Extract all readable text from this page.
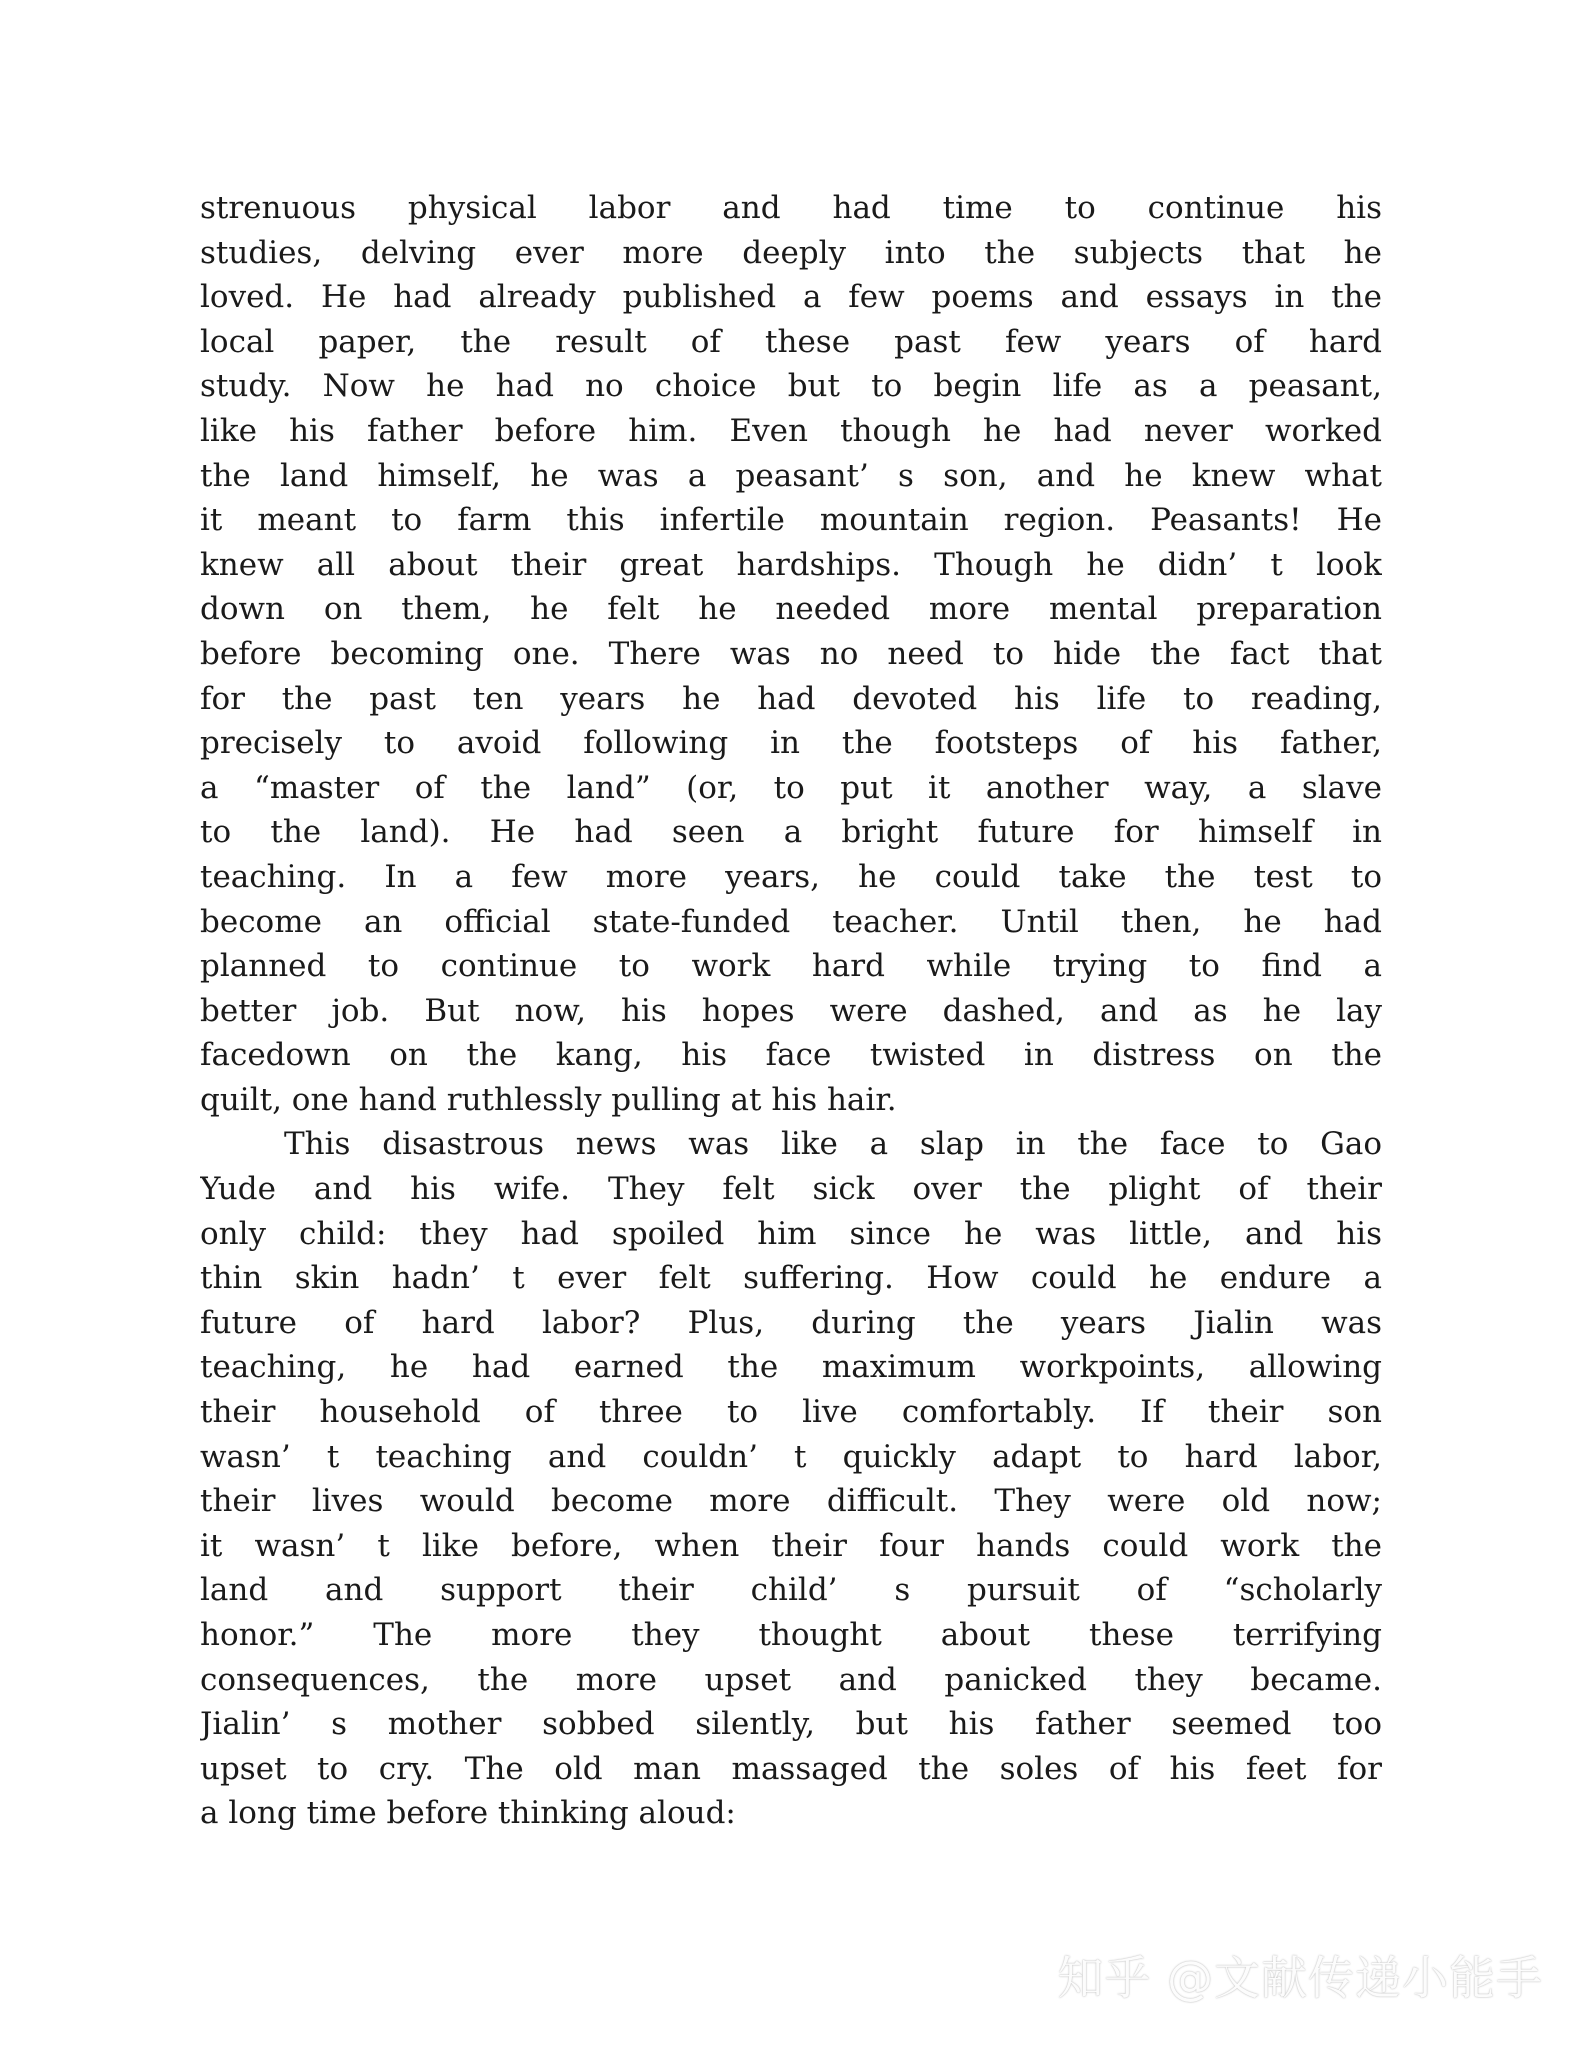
strenuous physical labor and had time to continue his
studies, delving ever more deeply into the subjects that he
loved. He had already published a few poems and essays in the
local paper, the result of these past few years of hard
study. Now he had no choice but to begin life as a peasant,
like his father before him. Even though he had never worked
the land himself, he was a peasant’ s son, and he knew what
it meant to farm this infertile mountain region. Peasants! He
knew all about their great hardships. Though he didn’ t look
down on them, he felt he needed more mental preparation
before becoming one. There was no need to hide the fact that
for the past ten years he had devoted his life to reading,
precisely to avoid following in the footsteps of his father,
a “master of the land” (or, to put it another way, a slave
to the land). He had seen a bright future for himself in
teaching. In a few more years, he could take the test to
become an official state-funded teacher. Until then, he had
planned to continue to work hard while trying to find a
better job. But now, his hopes were dashed, and as he lay
facedown on the kang, his face twisted in distress on the
quilt, one hand ruthlessly pulling at his hair.
This disastrous news was like a slap in the face to Gao
Yude and his wife. They felt sick over the plight of their
only child: they had spoiled him since he was little, and his
thin skin hadn’ t ever felt suffering. How could he endure a
future of hard labor? Plus, during the years Jialin was
teaching, he had earned the maximum workpoints, allowing
their household of three to live comfortably. If their son
wasn’ t teaching and couldn’ t quickly adapt to hard labor,
their lives would become more difficult. They were old now;
it wasn’ t like before, when their four hands could work the
land and support their child’ s pursuit of “scholarly
honor.” The more they thought about these terrifying
consequences, the more upset and panicked they became.
Jialin’ s mother sobbed silently, but his father seemed too
upset to cry. The old man massaged the soles of his feet for
a long time before thinking aloud:
知乎 @文献传递小能手
